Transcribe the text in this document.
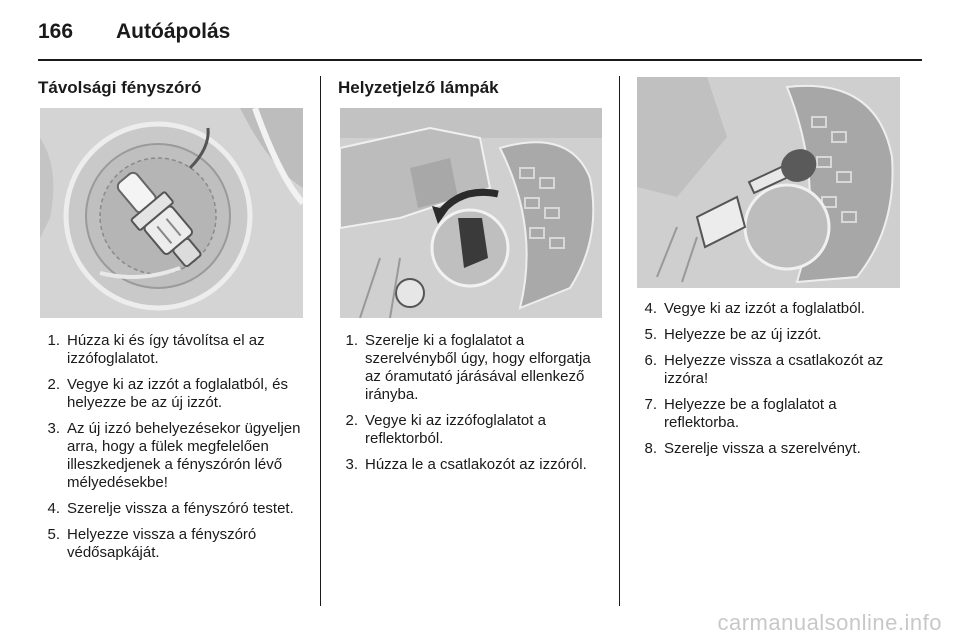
166	Autóápolás
Távolsági fényszóró
1. Húzza ki és így távolítsa el az izzófoglalatot.
2. Vegye ki az izzót a foglalatból, és helyezze be az új izzót.
3. Az új izzó behelyezésekor ügyeljen arra, hogy a fülek megfelelően illeszkedjenek a fényszórón lévő mélyedésekbe!
4. Szerelje vissza a fényszóró testet.
5. Helyezze vissza a fényszóró védősapkáját.
Helyzetjelző lámpák
1. Szerelje ki a foglalatot a szerelvényből úgy, hogy elforgatja az óramutató járásával ellenkező irányba.
2. Vegye ki az izzófoglalatot a reflektorból.
3. Húzza le a csatlakozót az izzóról.
4. Vegye ki az izzót a foglalatból.
5. Helyezze be az új izzót.
6. Helyezze vissza a csatlakozót az izzóra!
7. Helyezze be a foglalatot a reflektorba.
8. Szerelje vissza a szerelvényt.
carmanualsonline.info
